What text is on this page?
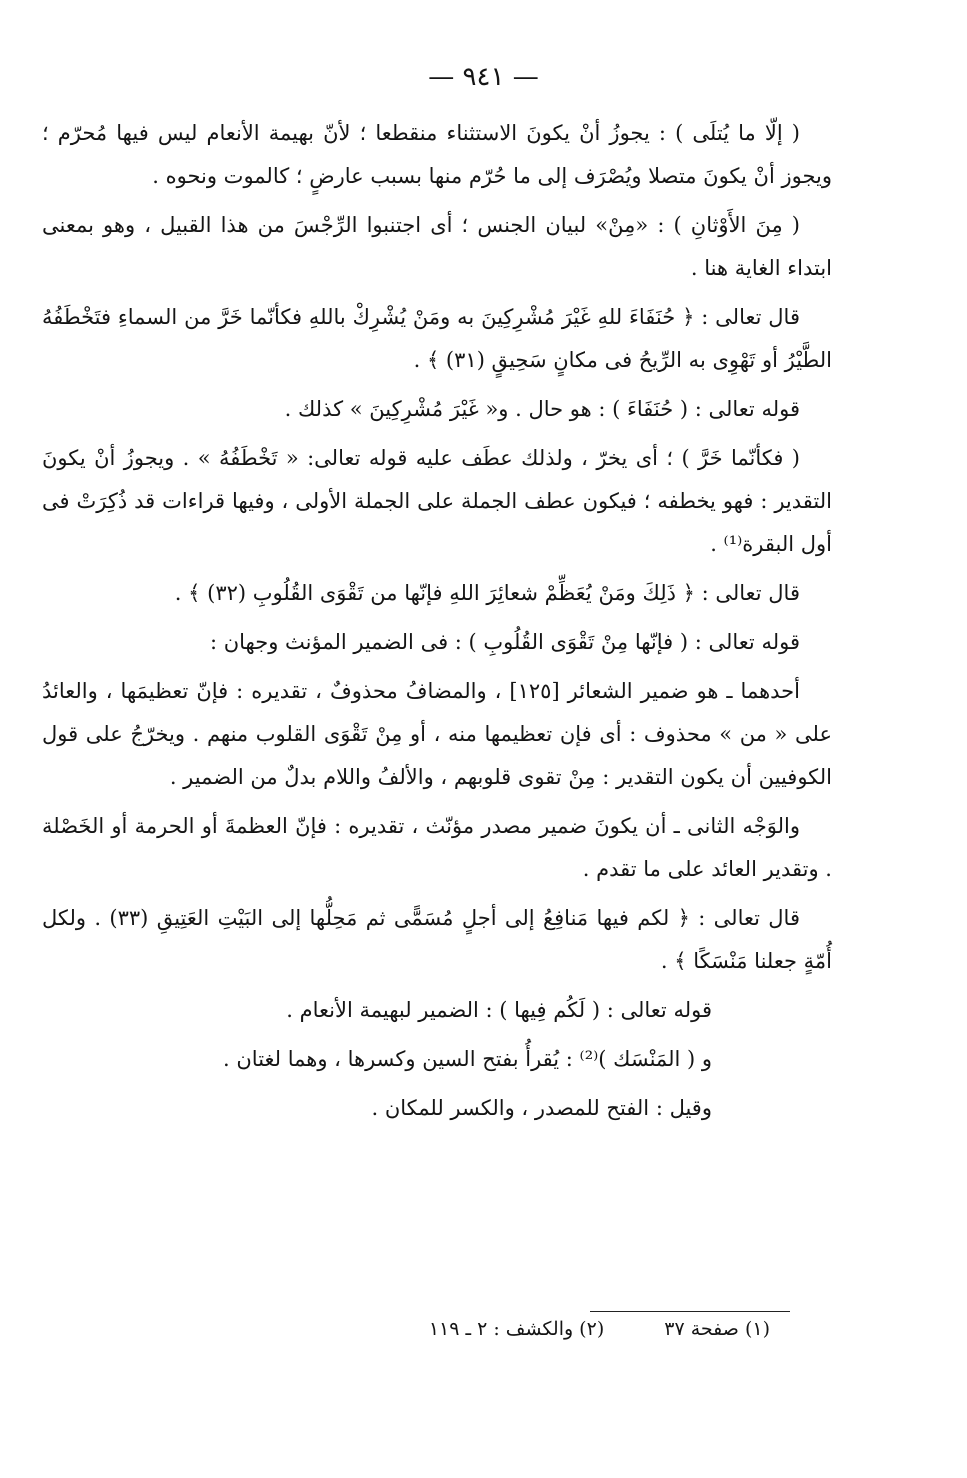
— ٩٤١ —

( إلّا ما يُتلَى ) : يجوزُ أنْ يكونَ الاستثناء منقطعا ؛ لأنّ بهيمة الأنعام ليس فيها مُحرّم ؛ ويجوز أنْ يكونَ متصلا ويُصْرَف إلى ما حُرّم منها بسبب عارضٍ ؛ كالموت ونحوه .

( مِنَ الأَوْثانِ ) : «مِنْ» لبيان الجنس ؛ أى اجتنبوا الرِّجْسَ من هذا القبيل ، وهو بمعنى ابتداء الغاية هنا .

قال تعالى : ﴿ حُنَفَاءَ للهِ غَيْرَ مُشْرِكِينَ به ومَنْ يُشْرِكْ باللهِ فكأنّما خَرَّ من السماءِ فتَخْطَفُهُ الطَّيْرُ أو تَهْوِى به الرِّيحُ فى مكانٍ سَحِيقٍ (٣١) ﴾ .

قوله تعالى : ( حُنَفَاءَ ) : هو حال . و« غَيْرَ مُشْرِكِينَ » كذلك .

( فكأنّما خَرَّ ) ؛ أى يخرّ ، ولذلك عطَف عليه قوله تعالى: « تَخْطَفُهُ » . ويجوزُ أنْ يكونَ التقدير : فهو يخطفه ؛ فيكون عطف الجملة على الجملة الأولى ، وفيها قراءات قد ذُكِرَتْ فى أول البقرة⁽¹⁾ .

قال تعالى : ﴿ ذَلِكَ ومَنْ يُعَظِّمْ شعائِرَ اللهِ فإنّها من تَقْوَى القُلُوبِ (٣٢) ﴾ .

قوله تعالى : ( فإنّها مِنْ تَقْوَى القُلُوبِ ) : فى الضمير المؤنث وجهان :

أحدهما ـ هو ضمير الشعائر [١٢٥] ، والمضافُ محذوفٌ ، تقديره : فإنّ تعظيمَها ، والعائدُ على « من » محذوف : أى فإن تعظيمها منه ، أو مِنْ تَقْوَى القلوب منهم . ويخرّجُ على قول الكوفيين أن يكون التقدير : مِنْ تقوى قلوبهم ، والألفُ واللام بدلٌ من الضمير .

والوَجْه الثانى ـ أن يكونَ ضمير مصدر مؤنّث ، تقديره : فإنّ العظمةَ أو الحرمة أو الخَصْلة . وتقدير العائد على ما تقدم .

قال تعالى : ﴿ لكم فيها مَنافِعُ إلى أجلٍ مُسَمًّى ثم مَحِلُّها إلى البَيْتِ العَتِيقِ (٣٣) . ولكل أُمّةٍ جعلنا مَنْسَكًا ﴾ .

قوله تعالى : ( لَكُم فِيها ) : الضمير لبهيمة الأنعام .

و ( المَنْسَك )⁽²⁾ : يُقرأُ بفتح السين وكسرها ، وهما لغتان .

وقيل : الفتح للمصدر ، والكسر للمكان .

(١) صفحة ٣٧
(٢) والكشف : ٢ ـ ١١٩
